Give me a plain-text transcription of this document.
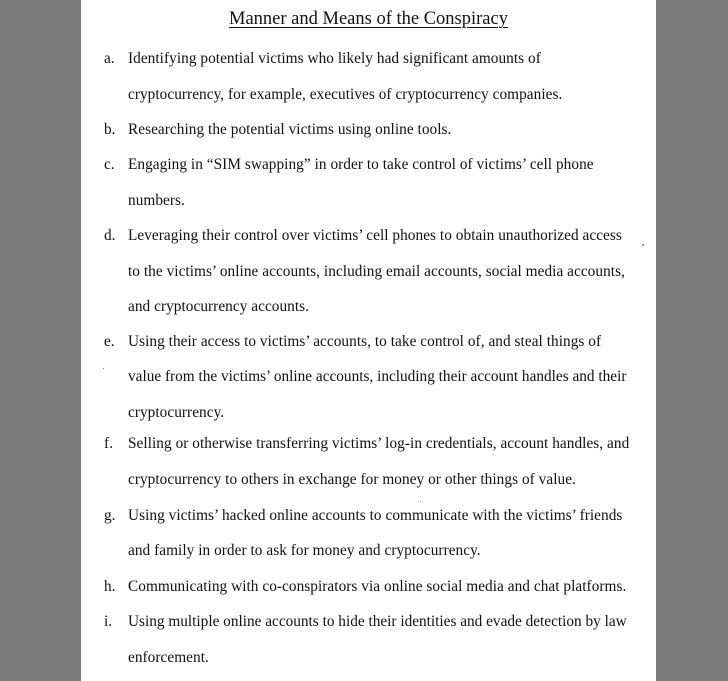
Manner and Means of the Conspiracy
a. Identifying potential victims who likely had significant amounts of
cryptocurrency, for example, executives of cryptocurrency companies.
b. Researching the potential victims using online tools.
c. Engaging in “SIM swapping” in order to take control of victims’ cell phone
numbers.
d. Leveraging their control over victims’ cell phones to obtain unauthorized access
to the victims’ online accounts, including email accounts, social media accounts,
and cryptocurrency accounts.
e. Using their access to victims’ accounts, to take control of, and steal things of
value from the victims’ online accounts, including their account handles and their
cryptocurrency.
f. Selling or otherwise transferring victims’ log-in credentials, account handles, and
cryptocurrency to others in exchange for money or other things of value.
g. Using victims’ hacked online accounts to communicate with the victims’ friends
and family in order to ask for money and cryptocurrency.
h. Communicating with co-conspirators via online social media and chat platforms.
i. Using multiple online accounts to hide their identities and evade detection by law
enforcement.
